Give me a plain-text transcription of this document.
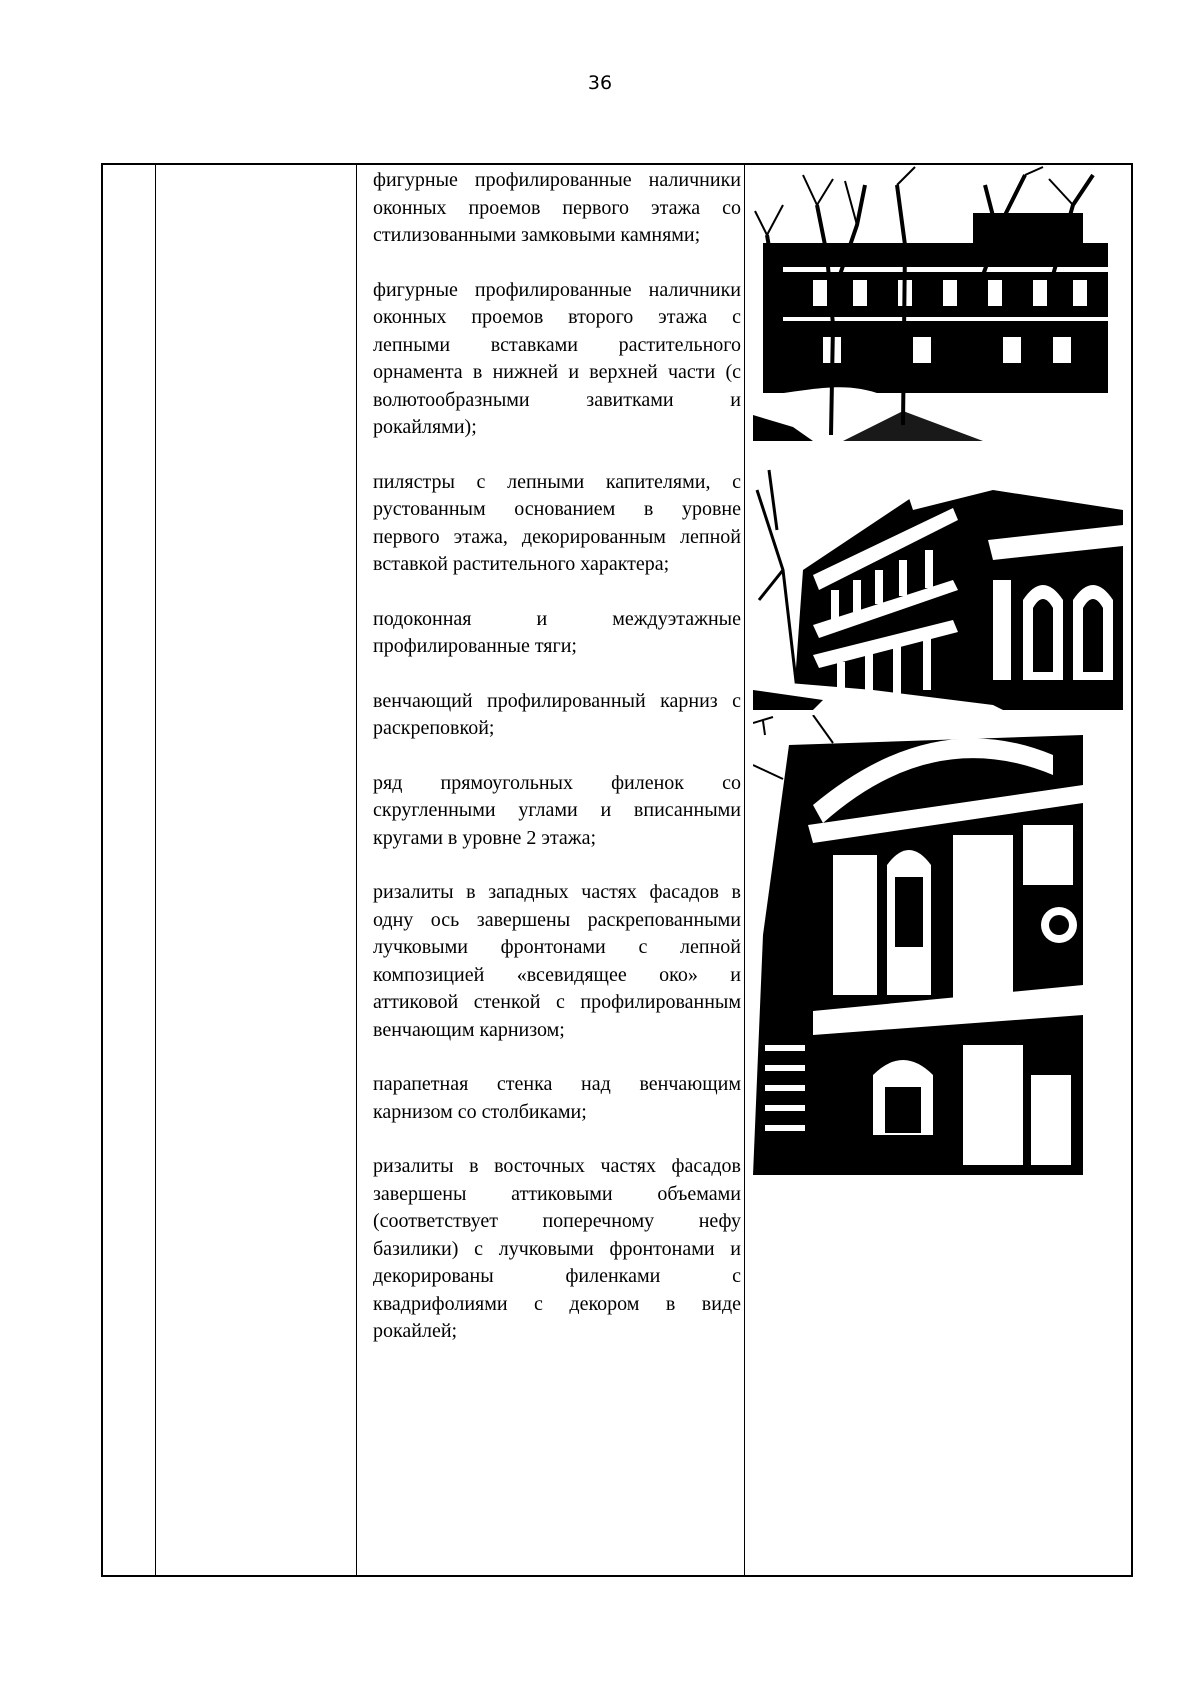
36

фигурные профилированные наличники оконных проемов первого этажа со стилизованными замковыми камнями;

фигурные профилированные наличники оконных проемов второго этажа с лепными вставками растительного орнамента в нижней и верхней части (с волютообразными завитками и рокайлями);

пилястры с лепными капителями, с рустованным основанием в уровне первого этажа, декорированным лепной вставкой растительного характера;

подоконная и междуэтажные профилированные тяги;

венчающий профилированный карниз с раскреповкой;

ряд прямоугольных филенок со скругленными углами и вписанными кругами в уровне 2 этажа;

ризалиты в западных частях фасадов в одну ось завершены раскрепованными лучковыми фронтонами с лепной композицией «всевидящее око» и аттиковой стенкой с профилированным венчающим карнизом;

парапетная стенка над венчающим карнизом со столбиками;

ризалиты в восточных частях фасадов завершены аттиковыми объемами (соответствует поперечному нефу базилики) с лучковыми фронтонами и декорированы филенками с квадрифолиями с декором в виде рокайлей;
